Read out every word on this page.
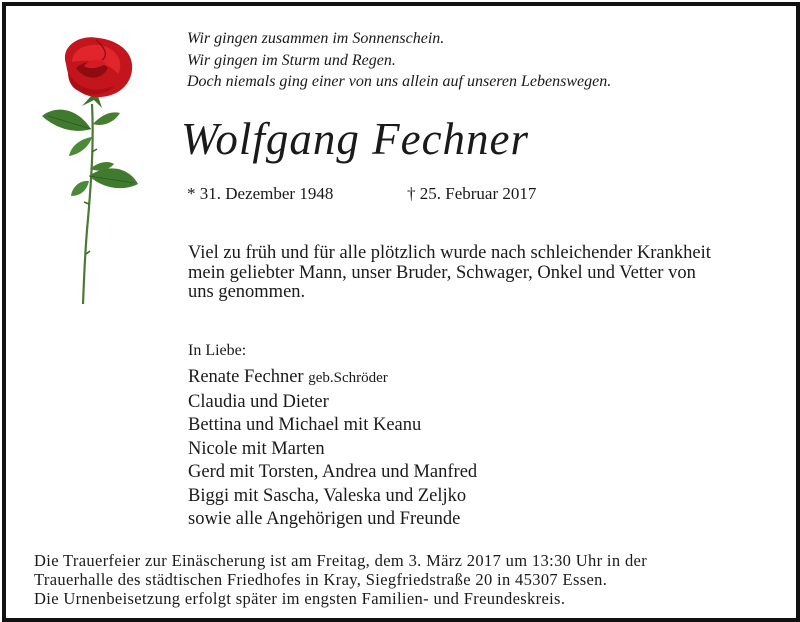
Wir gingen zusammen im Sonnenschein.
Wir gingen im Sturm und Regen.
Doch niemals ging einer von uns allein auf unseren Lebenswegen.
Wolfgang Fechner
* 31. Dezember 1948	† 25. Februar 2017
Viel zu früh und für alle plötzlich wurde nach schleichender Krankheit
mein geliebter Mann, unser Bruder, Schwager, Onkel und Vetter von
uns genommen.
In Liebe:
Renate Fechner geb.Schröder
Claudia und Dieter
Bettina und Michael mit Keanu
Nicole mit Marten
Gerd mit Torsten, Andrea und Manfred
Biggi mit Sascha, Valeska und Zeljko
sowie alle Angehörigen und Freunde
Die Trauerfeier zur Einäscherung ist am Freitag, dem 3. März 2017 um 13:30 Uhr in der
Trauerhalle des städtischen Friedhofes in Kray, Siegfriedstraße 20 in 45307 Essen.
Die Urnenbeisetzung erfolgt später im engsten Familien- und Freundeskreis.
